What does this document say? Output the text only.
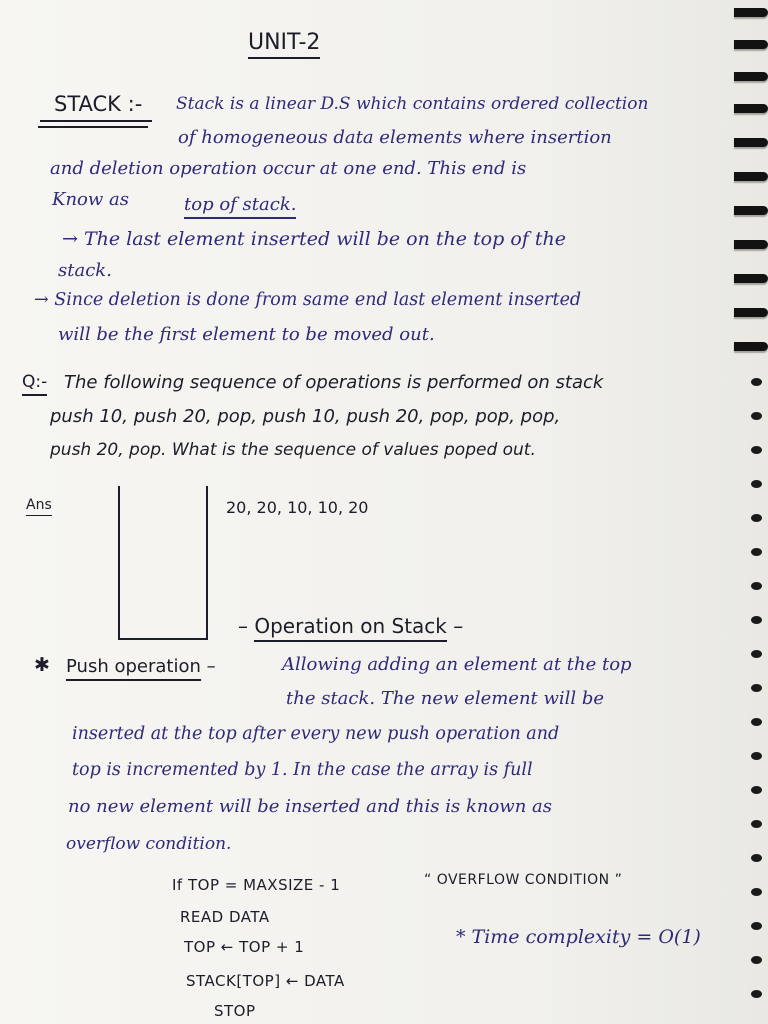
UNIT-2
STACK :- Stack is a linear D.S which contains ordered collection
of homogeneous data elements where insertion
and deletion operation occur at one end. This end is
Know as	top of stack.
→ The last element inserted will be on the top of the
stack.
→ Since deletion is done from same end last element inserted
will be the first element to be moved out.
Q:- The following sequence of operations is performed on stack
push 10, push 20, pop, push 10, push 20, pop, pop, pop,
push 20, pop. What is the sequence of values poped out.
Ans	20, 20, 10, 10, 20
– Operation on Stack –
✱ Push operation –	Allowing adding an element at the top
the stack. The new element will be
inserted at the top after every new push operation and
top is incremented by 1. In the case the array is full
no new element will be inserted and this is known as
overflow condition.
If TOP = MAXSIZE - 1	“ OVERFLOW CONDITION ”
READ DATA
TOP ← TOP + 1
STACK[TOP] ← DATA
STOP
* Time complexity = O(1)
